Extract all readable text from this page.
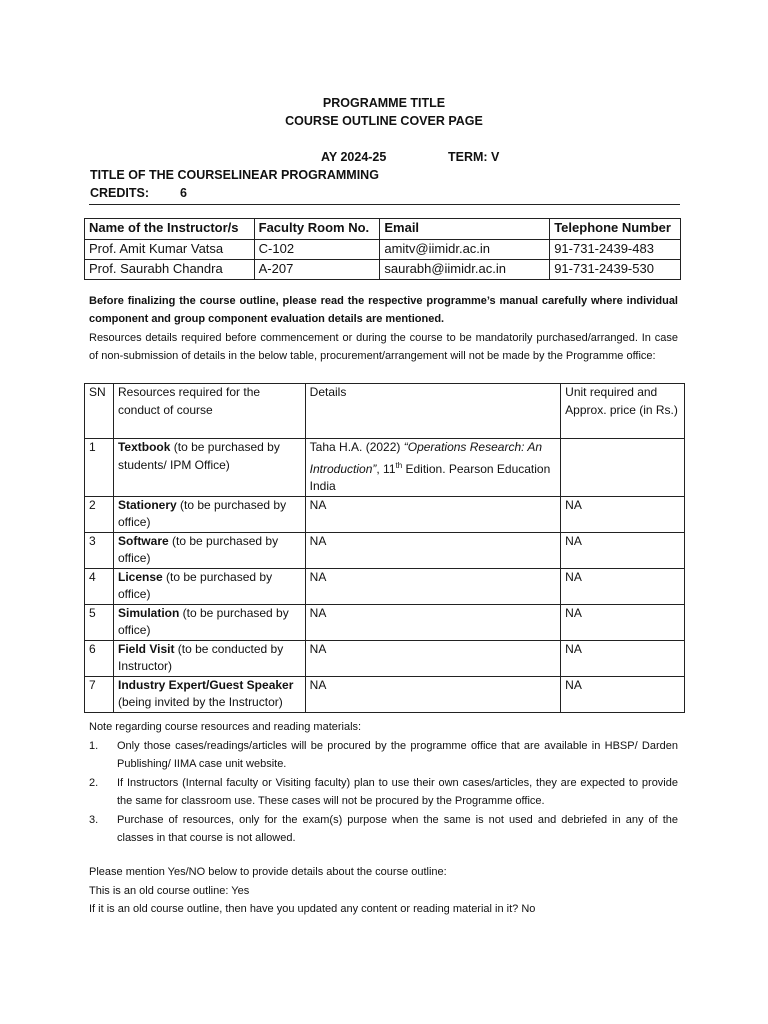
PROGRAMME TITLE
COURSE OUTLINE COVER PAGE
AY 2024-25	TERM: V
TITLE OF THE COURSE:
LINEAR PROGRAMMING
CREDITS: 6
Name of the Instructor/s	Faculty Room No.	Email	Telephone Number
Prof. Amit Kumar Vatsa	C-102	amitv@iimidr.ac.in	91-731-2439-483
Prof. Saurabh Chandra	A-207	saurabh@iimidr.ac.in	91-731-2439-530
Before finalizing the course outline, please read the respective programme’s manual carefully where individual component and group component evaluation details are mentioned.
Resources details required before commencement or during the course to be mandatorily purchased/arranged. In case of non-submission of details in the below table, procurement/arrangement will not be made by the Programme office:
SN	Resources required for the conduct of course	Details	Unit required and Approx. price (in Rs.)
1	Textbook (to be purchased by students/ IPM Office)	Taha H.A. (2022) “Operations Research: An Introduction”, 11th Edition. Pearson Education India	
2	Stationery (to be purchased by office)	NA	NA
3	Software (to be purchased by office)	NA	NA
4	License (to be purchased by office)	NA	NA
5	Simulation (to be purchased by office)	NA	NA
6	Field Visit (to be conducted by Instructor)	NA	NA
7	Industry Expert/Guest Speaker (being invited by the Instructor)	NA	NA
Note regarding course resources and reading materials:
1. Only those cases/readings/articles will be procured by the programme office that are available in HBSP/ Darden Publishing/ IIMA case unit website.
2. If Instructors (Internal faculty or Visiting faculty) plan to use their own cases/articles, they are expected to provide the same for classroom use. These cases will not be procured by the Programme office.
3. Purchase of resources, only for the exam(s) purpose when the same is not used and debriefed in any of the classes in that course is not allowed.
Please mention Yes/NO below to provide details about the course outline:
This is an old course outline: Yes
If it is an old course outline, then have you updated any content or reading material in it? No
